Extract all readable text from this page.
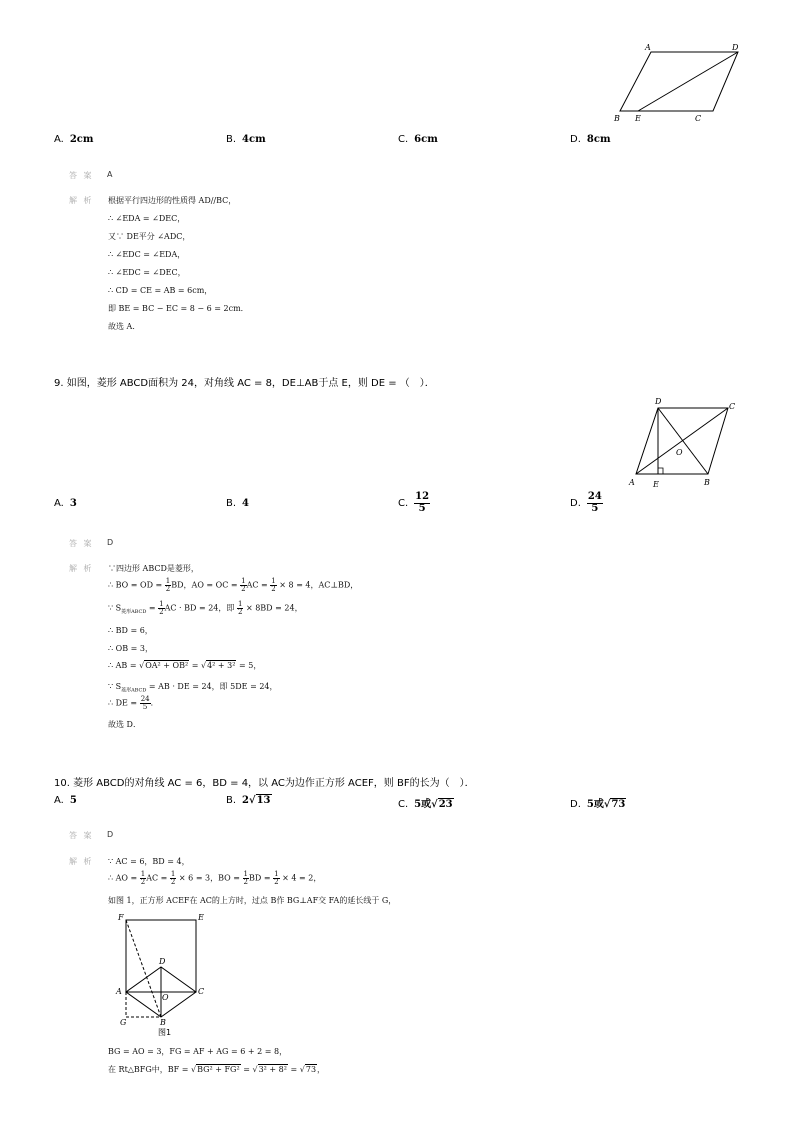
A	D
B E	C
A. 2cm	B. 4cm	C. 6cm	D. 8cm
答 案 A
解 析 根据平行四边形的性质得 AD//BC，
∴ ∠EDA = ∠DEC，
又∵ DE平分 ∠ADC，
∴ ∠EDC = ∠EDA，
∴ ∠EDC = ∠DEC，
∴ CD = CE = AB = 6cm，
即 BE = BC − EC = 8 − 6 = 2cm．
故选 A．
9. 如图，菱形 ABCD面积为 24，对角线 AC = 8，DE⊥AB于点 E，则 DE = （　）．
D
C
O
A E	B
A. 3	B. 4	C. $\frac{12}{5}$	D. $\frac{24}{5}$
答 案 D
解 析 ∵四边形 ABCD是菱形，
∴ BO = OD = $\frac{1}{2}$ BD，AO = OC = $\frac{1}{2}$ AC = $\frac{1}{2} \times 8 = 4$，AC⊥BD，
∵ $S_{菱形ABCD} = \frac{1}{2}$ AC · BD = 24，即 $\frac{1}{2} \times 8BD = 24$，
∴ BD = 6，
∴ OB = 3，
∴ AB = √OA² + OB² = √4² + 3² = 5，
∵ $S_{菱形ABCD}$ = AB · DE = 24，即 5DE = 24，
∴ DE = $\frac{24}{5}$ ．
故选 D．
10. 菱形 ABCD的对角线 AC = 6，BD = 4，以 AC为边作正方形 ACEF，则 BF的长为（　）．
A. 5	B. 2√13	C. 5或√23	D. 5或√73
答 案 D
解 析 ∵ AC = 6，BD = 4，
∴ AO = $\frac{1}{2}$ AC = $\frac{1}{2} \times 6 = 3$，BO = $\frac{1}{2}$ BD = $\frac{1}{2} \times 4 = 2$，
如图 1，正方形 ACEF在 AC的上方时，过点 B作 BG⊥AF交 FA的延长线于 G，
F	E
D
A
O
C
G	B
图1
BG = AO = 3，FG = AF + AG = 6 + 2 = 8，
在 Rt△BFG中，BF = √BG² + FG² = √3² + 8² = √73，
